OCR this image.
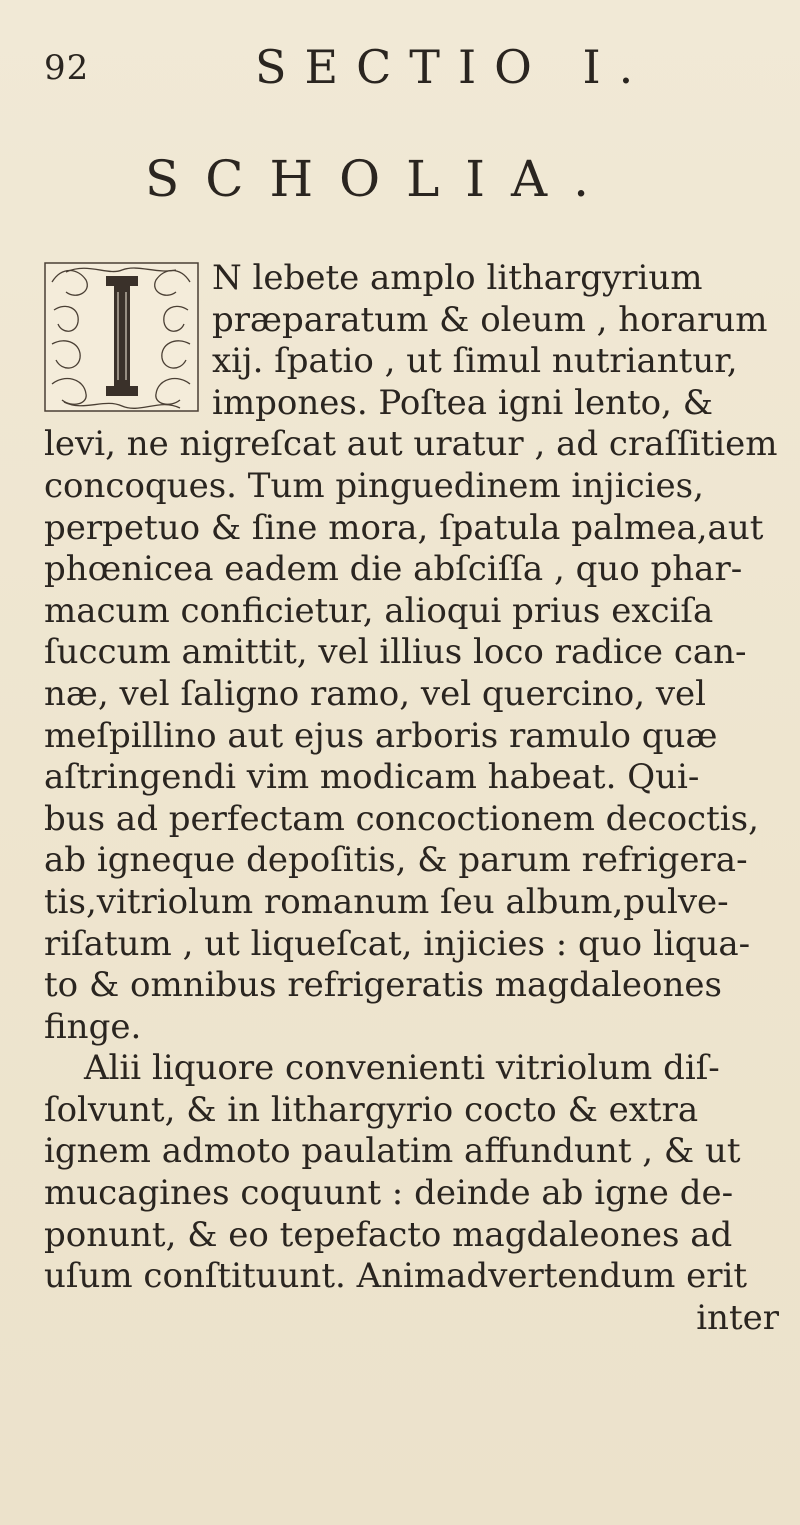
92	SECTIO I.
SCHOLIA.
N lebete amplo lithargyrium
præparatum & oleum , horarum
xij. ſpatio , ut ſimul nutriantur,
impones. Poſtea igni lento, &
levi, ne nigreſcat aut uratur , ad craſſitiem
concoques. Tum pinguedinem injicies,
perpetuo & ſine mora, ſpatula palmea,aut
phœnicea eadem die abſciſſa , quo phar-
macum conficietur, alioqui prius exciſa
ſuccum amittit, vel illius loco radice can-
næ, vel ſaligno ramo, vel quercino, vel
meſpillino aut ejus arboris ramulo quæ
aſtringendi vim modicam habeat. Qui-
bus ad perfectam concoctionem decoctis,
ab igneque depoſitis, & parum refrigera-
tis,vitriolum romanum ſeu album,pulve-
riſatum , ut liqueſcat, injicies : quo liqua-
to & omnibus refrigeratis magdaleones
finge.
Alii liquore convenienti vitriolum diſ-
ſolvunt, & in lithargyrio cocto & extra
ignem admoto paulatim affundunt , & ut
mucagines coquunt : deinde ab igne de-
ponunt, & eo tepefacto magdaleones ad
uſum conſtituunt. Animadvertendum erit
inter
